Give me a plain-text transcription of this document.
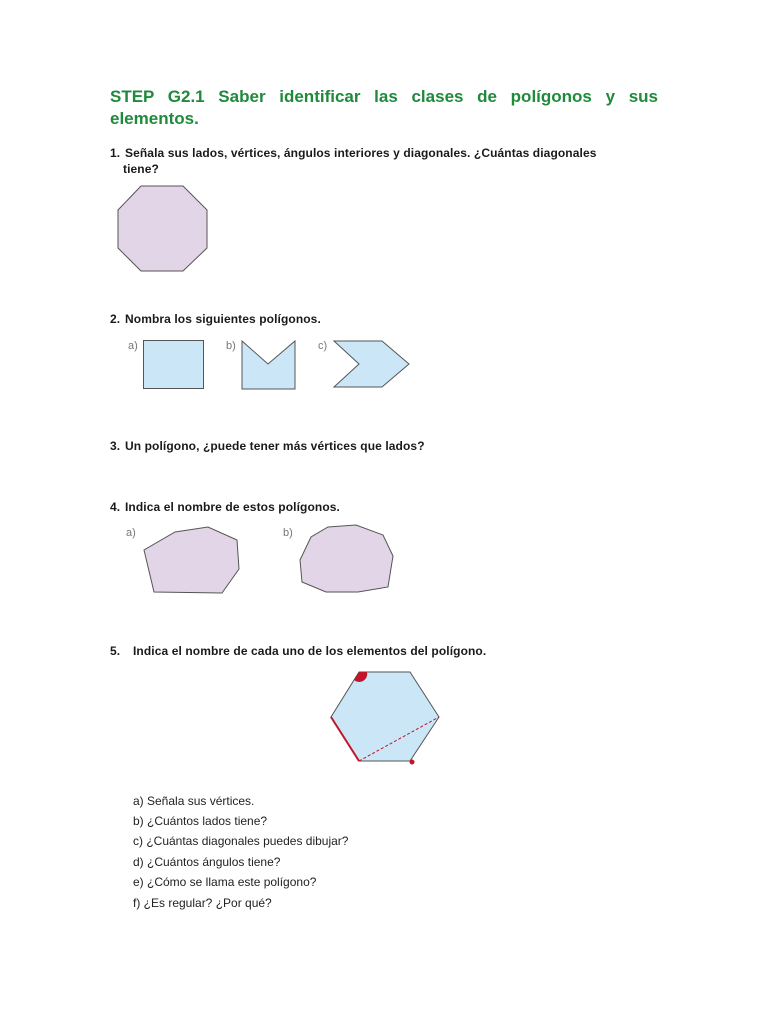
STEP G2.1 Saber identificar las clases de polígonos y sus elementos.
1. Señala sus lados, vértices, ángulos interiores y diagonales. ¿Cuántas diagonales
tiene?
2. Nombra los siguientes polígonos.
a)	b)	c)
3. Un polígono, ¿puede tener más vértices que lados?
4. Indica el nombre de estos polígonos.
a)	b)
5. Indica el nombre de cada uno de los elementos del polígono.
a) Señala sus vértices.
b) ¿Cuántos lados tiene?
c) ¿Cuántas diagonales puedes dibujar?
d) ¿Cuántos ángulos tiene?
e) ¿Cómo se llama este polígono?
f) ¿Es regular? ¿Por qué?
